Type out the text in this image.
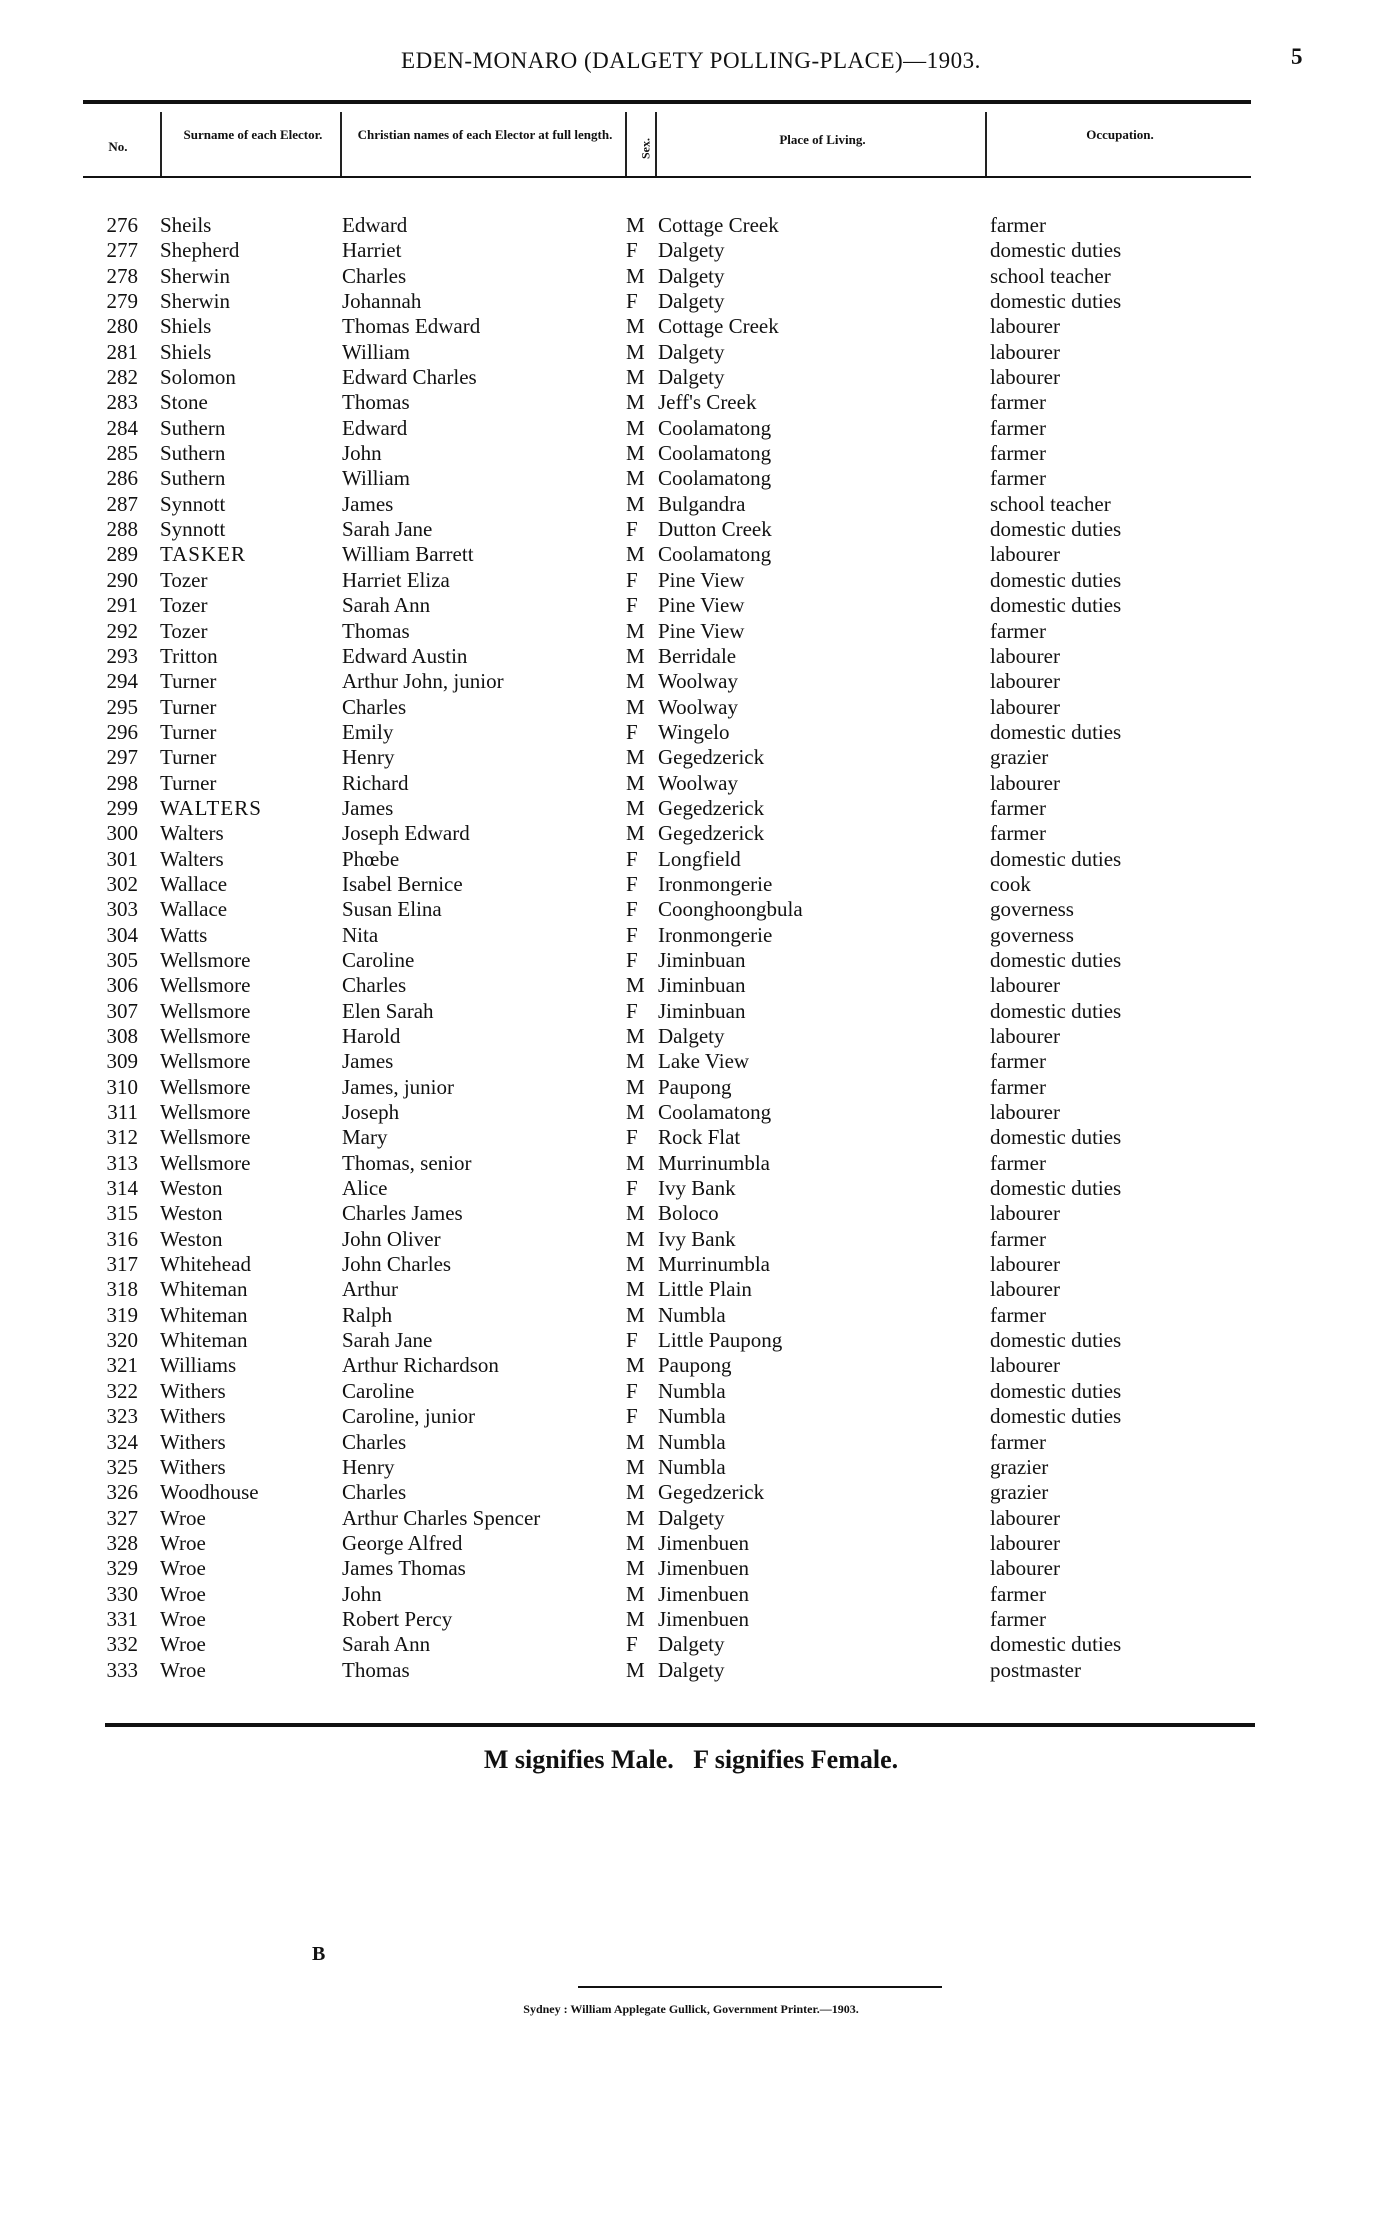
EDEN-MONARO (DALGETY POLLING-PLACE)—1903.	5
No.
Surname of each Elector.	Christian names of each Elector at full length.
Sex.	Place of Living.	Occupation.
276 Sheils	Edward	M Cottage Creek	farmer
277 Shepherd	Harriet	F Dalgety	domestic duties
278 Sherwin	Charles	M Dalgety	school teacher
279 Sherwin	Johannah	F Dalgety	domestic duties
280 Shiels	Thomas Edward	M Cottage Creek	labourer
281 Shiels	William	M Dalgety	labourer
282 Solomon	Edward Charles	M Dalgety	labourer
283 Stone	Thomas	M Jeff's Creek	farmer
284 Suthern	Edward	M Coolamatong	farmer
285 Suthern	John	M Coolamatong	farmer
286 Suthern	William	M Coolamatong	farmer
287 Synnott	James	M Bulgandra	school teacher
288 Synnott	Sarah Jane	F Dutton Creek	domestic duties
289 TASKER	William Barrett	M Coolamatong	labourer
290 Tozer	Harriet Eliza	F Pine View	domestic duties
291 Tozer	Sarah Ann	F Pine View	domestic duties
292 Tozer	Thomas	M Pine View	farmer
293 Tritton	Edward Austin	M Berridale	labourer
294 Turner	Arthur John, junior	M Woolway	labourer
295 Turner	Charles	M Woolway	labourer
296 Turner	Emily	F Wingelo	domestic duties
297 Turner	Henry	M Gegedzerick	grazier
298 Turner	Richard	M Woolway	labourer
299 WALTERS	James	M Gegedzerick	farmer
300 Walters	Joseph Edward	M Gegedzerick	farmer
301 Walters	Phœbe	F Longfield	domestic duties
302 Wallace	Isabel Bernice	F Ironmongerie	cook
303 Wallace	Susan Elina	F Coonghoongbula	governess
304 Watts	Nita	F Ironmongerie	governess
305 Wellsmore	Caroline	F Jiminbuan	domestic duties
306 Wellsmore	Charles	M Jiminbuan	labourer
307 Wellsmore	Elen Sarah	F Jiminbuan	domestic duties
308 Wellsmore	Harold	M Dalgety	labourer
309 Wellsmore	James	M Lake View	farmer
310 Wellsmore	James, junior	M Paupong	farmer
311 Wellsmore	Joseph	M Coolamatong	labourer
312 Wellsmore	Mary	F Rock Flat	domestic duties
313 Wellsmore	Thomas, senior	M Murrinumbla	farmer
314 Weston	Alice	F Ivy Bank	domestic duties
315 Weston	Charles James	M Boloco	labourer
316 Weston	John Oliver	M Ivy Bank	farmer
317 Whitehead	John Charles	M Murrinumbla	labourer
318 Whiteman	Arthur	M Little Plain	labourer
319 Whiteman	Ralph	M Numbla	farmer
320 Whiteman	Sarah Jane	F Little Paupong	domestic duties
321 Williams	Arthur Richardson	M Paupong	labourer
322 Withers	Caroline	F Numbla	domestic duties
323 Withers	Caroline, junior	F Numbla	domestic duties
324 Withers	Charles	M Numbla	farmer
325 Withers	Henry	M Numbla	grazier
326 Woodhouse	Charles	M Gegedzerick	grazier
327 Wroe	Arthur Charles Spencer	M Dalgety	labourer
328 Wroe	George Alfred	M Jimenbuen	labourer
329 Wroe	James Thomas	M Jimenbuen	labourer
330 Wroe	John	M Jimenbuen	farmer
331 Wroe	Robert Percy	M Jimenbuen	farmer
332 Wroe	Sarah Ann	F Dalgety	domestic duties
333 Wroe	Thomas	M Dalgety	postmaster
M signifies Male.   F signifies Female.
B
Sydney : William Applegate Gullick, Government Printer.—1903.
